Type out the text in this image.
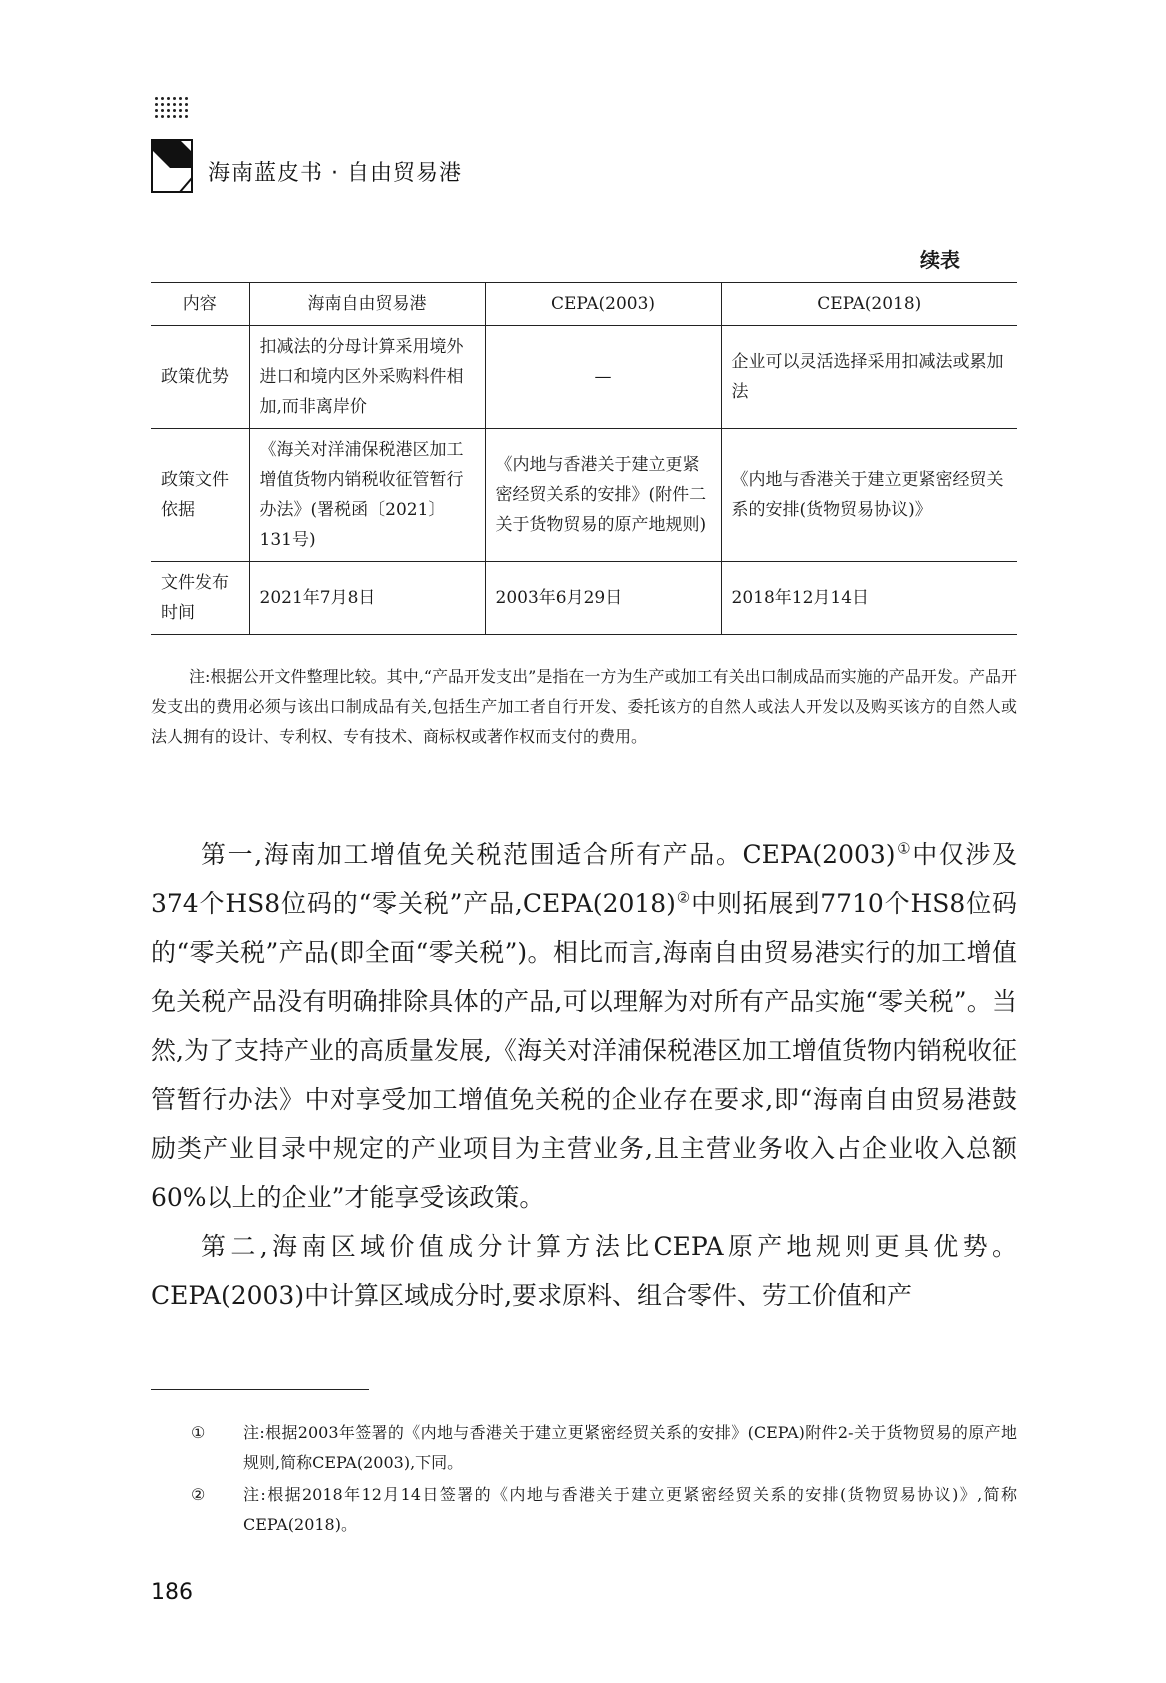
海南蓝皮书 · 自由贸易港
续表
内容	海南自由贸易港	CEPA(2003)	CEPA(2018)
政策优势	扣减法的分母计算采用境外进口和境内区外采购料件相加,而非离岸价	—	企业可以灵活选择采用扣减法或累加法
政策文件依据	《海关对洋浦保税港区加工增值货物内销税收征管暂行办法》(署税函〔2021〕131号)	《内地与香港关于建立更紧密经贸关系的安排》(附件二 关于货物贸易的原产地规则)	《内地与香港关于建立更紧密经贸关系的安排(货物贸易协议)》
文件发布时间	2021年7月8日	2003年6月29日	2018年12月14日
注:根据公开文件整理比较。其中,“产品开发支出”是指在一方为生产或加工有关出口制成品而实施的产品开发。产品开发支出的费用必须与该出口制成品有关,包括生产加工者自行开发、委托该方的自然人或法人开发以及购买该方的自然人或法人拥有的设计、专利权、专有技术、商标权或著作权而支付的费用。

第一,海南加工增值免关税范围适合所有产品。CEPA(2003)①中仅涉及374个HS8位码的“零关税”产品,CEPA(2018)②中则拓展到7710个HS8位码的“零关税”产品(即全面“零关税”)。相比而言,海南自由贸易港实行的加工增值免关税产品没有明确排除具体的产品,可以理解为对所有产品实施“零关税”。当然,为了支持产业的高质量发展,《海关对洋浦保税港区加工增值货物内销税收征管暂行办法》中对享受加工增值免关税的企业存在要求,即“海南自由贸易港鼓励类产业目录中规定的产业项目为主营业务,且主营业务收入占企业收入总额60%以上的企业”才能享受该政策。

第二,海南区域价值成分计算方法比CEPA原产地规则更具优势。CEPA(2003)中计算区域成分时,要求原料、组合零件、劳工价值和产

①	注:根据2003年签署的《内地与香港关于建立更紧密经贸关系的安排》(CEPA)附件2-关于货物贸易的原产地规则,简称CEPA(2003),下同。
②	注:根据2018年12月14日签署的《内地与香港关于建立更紧密经贸关系的安排(货物贸易协议)》,简称CEPA(2018)。
186
